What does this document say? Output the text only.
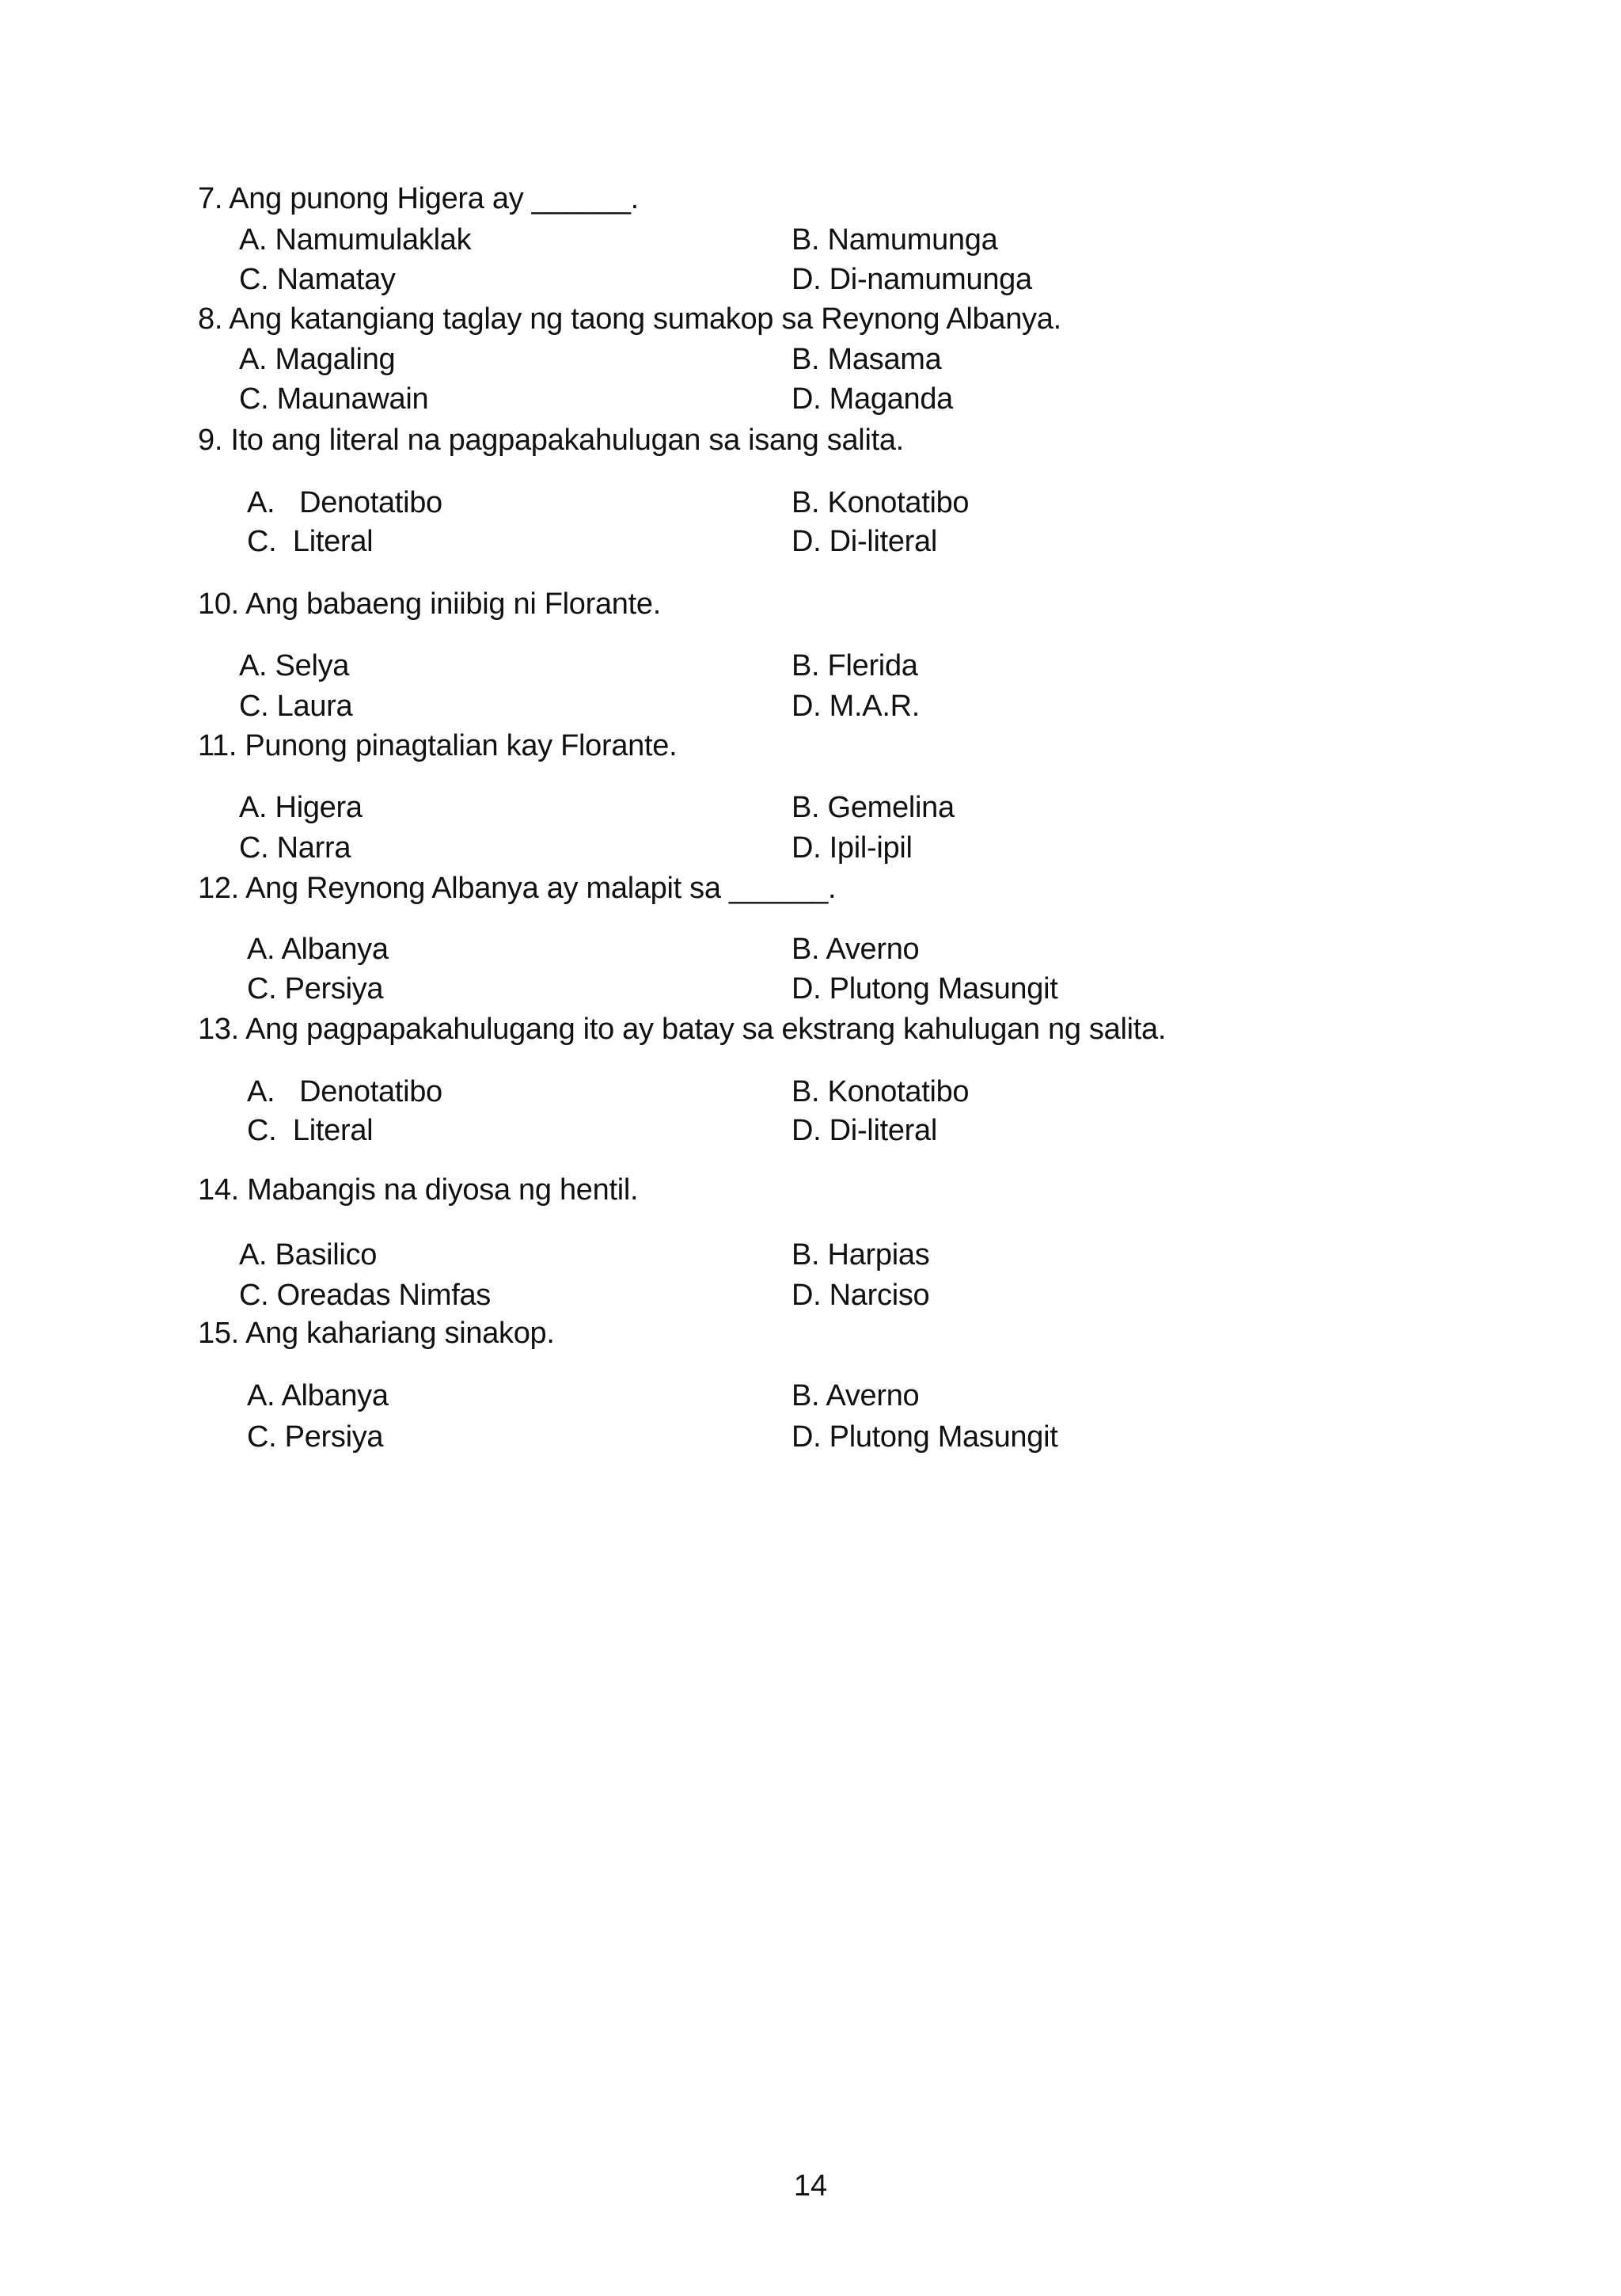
7. Ang punong Higera ay ______.
A. Namumulaklak	B. Namumunga
C. Namatay	D. Di-namumunga
8. Ang katangiang taglay ng taong sumakop sa Reynong Albanya.
A. Magaling	B. Masama
C. Maunawain	D. Maganda
9. Ito ang literal na pagpapakahulugan sa isang salita.
A.   Denotatibo	B. Konotatibo
C.  Literal	D. Di-literal
10. Ang babaeng iniibig ni Florante.
A. Selya	B. Flerida
C. Laura	D. M.A.R.
11. Punong pinagtalian kay Florante.
A. Higera	B. Gemelina
C. Narra	D. Ipil-ipil
12. Ang Reynong Albanya ay malapit sa ______.
A. Albanya	B. Averno
C. Persiya	D. Plutong Masungit
13. Ang pagpapakahulugang ito ay batay sa ekstrang kahulugan ng salita.
A.   Denotatibo	B. Konotatibo
C.  Literal	D. Di-literal
14. Mabangis na diyosa ng hentil.
A. Basilico	B. Harpias
C. Oreadas Nimfas	D. Narciso
15. Ang kahariang sinakop.
A. Albanya	B. Averno
C. Persiya	D. Plutong Masungit
14
